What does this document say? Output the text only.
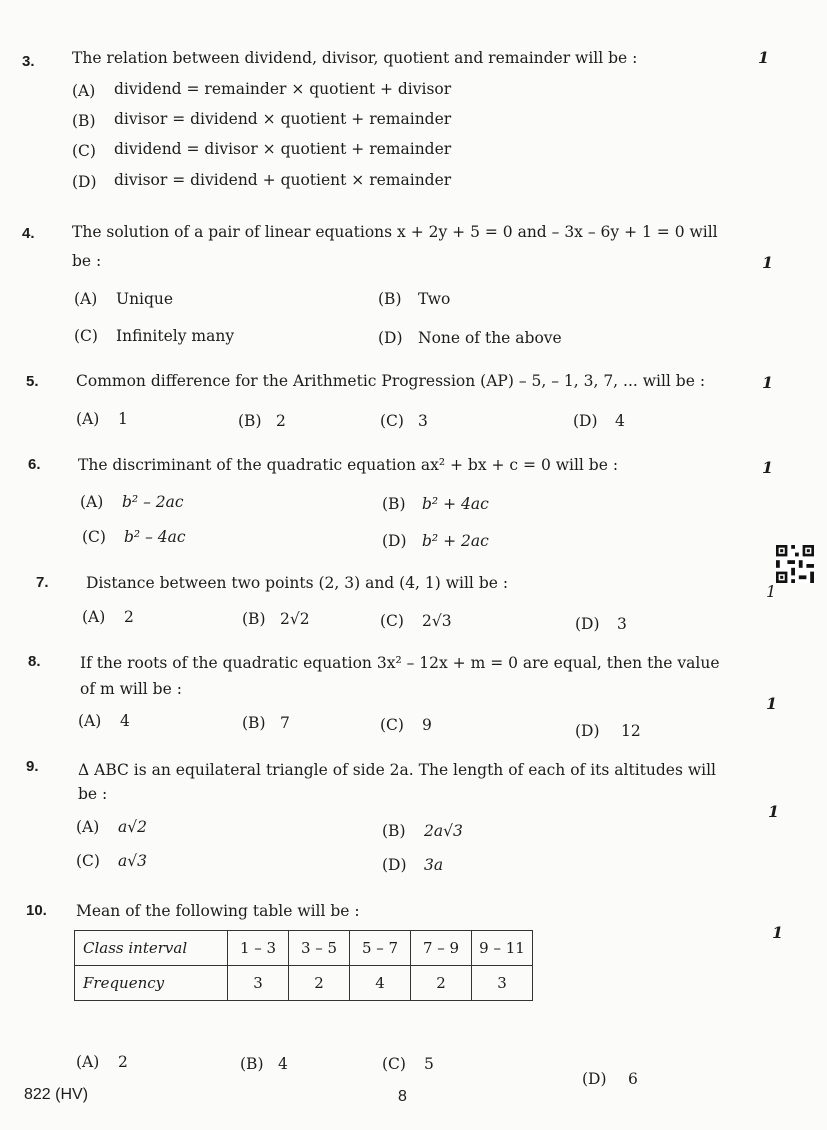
3. The relation between dividend, divisor, quotient and remainder will be :	1
(A) dividend = remainder × quotient + divisor
(B) divisor = dividend × quotient + remainder
(C) dividend = divisor × quotient + remainder
(D) divisor = dividend + quotient × remainder
4. The solution of a pair of linear equations x + 2y + 5 = 0 and – 3x – 6y + 1 = 0 will
be :	1
(A) Unique	(B) Two
(C) Infinitely many	(D) None of the above
5. Common difference for the Arithmetic Progression (AP) – 5, – 1, 3, 7, ... will be :	1
(A) 1	(B) 2	(C) 3	(D) 4
6. The discriminant of the quadratic equation ax² + bx + c = 0 will be :	1
(A) b² – 2ac	(B) b² + 4ac
(C) b² – 4ac	(D) b² + 2ac
7. Distance between two points (2, 3) and (4, 1) will be :	1
(A) 2	(B) 2√2	(C) 2√3	(D) 3
8.	If the roots of the quadratic equation 3x² – 12x + m = 0 are equal, then the value
of m will be :
1
(A) 4	(B) 7	(C) 9	(D) 12
9.	Δ ABC is an equilateral triangle of side 2a. The length of each of its altitudes will
be :
1
(A) a√2	(B) 2a√3
(C) a√3	(D) 3a
10. Mean of the following table will be :
1
Class interval	1 – 3	3 – 5	5 – 7	7 – 9	9 – 11
Frequency	3	2	4	2	3
(A) 2	(B) 4	(C) 5
(D) 6
822 (HV)	8
